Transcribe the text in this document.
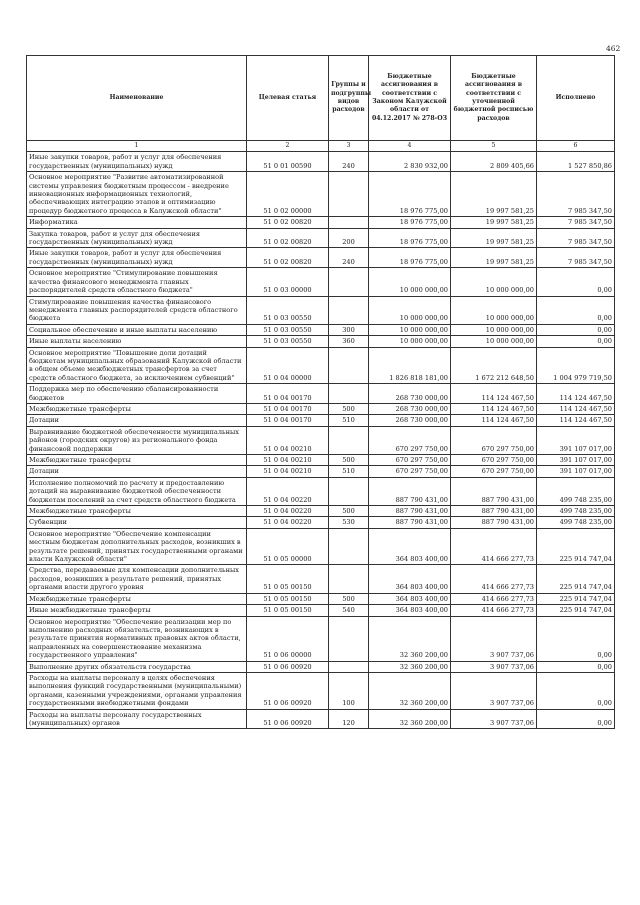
462
Наименование	Целевая статья	Группы и подгруппы видов расходов	Бюджетные ассигнования в соответствии с Законом Калужской области от 04.12.2017 № 278-ОЗ	Бюджетные ассигнования в соответствии с уточненной бюджетной росписью расходов	Исполнено
1	2	3	4	5	6
Иные закупки товаров, работ и услуг для обеспечения государственных (муниципальных) нужд	51 0 01 00590	240	2 830 932,00	2 809 405,66	1 527 850,86
Основное мероприятие "Развитие автоматизированной системы управления бюджетным процессом - внедрение инновационных информационных технологий, обеспечивающих интеграцию этапов и оптимизацию процедур бюджетного процесса в Калужской области"	51 0 02 00000		18 976 775,00	19 997 581,25	7 985 347,50
Информатика	51 0 02 00820		18 976 775,00	19 997 581,25	7 985 347,50
Закупка товаров, работ и услуг для обеспечения государственных (муниципальных) нужд	51 0 02 00820	200	18 976 775,00	19 997 581,25	7 985 347,50
Иные закупки товаров, работ и услуг для обеспечения государственных (муниципальных) нужд	51 0 02 00820	240	18 976 775,00	19 997 581,25	7 985 347,50
Основное мероприятие "Стимулирование повышения качества финансового менеджмента главных распорядителей средств областного бюджета"	51 0 03 00000		10 000 000,00	10 000 000,00	0,00
Стимулирование повышения качества финансового менеджмента главных распорядителей средств областного бюджета	51 0 03 00550		10 000 000,00	10 000 000,00	0,00
Социальное обеспечение и иные выплаты населению	51 0 03 00550	300	10 000 000,00	10 000 000,00	0,00
Иные выплаты населению	51 0 03 00550	360	10 000 000,00	10 000 000,00	0,00
Основное мероприятие "Повышение доли дотаций бюджетам муниципальных образований Калужской области в общем объеме межбюджетных трансфертов за счет средств областного бюджета, за исключением субвенций"	51 0 04 00000		1 826 818 181,00	1 672 212 648,50	1 004 979 719,50
Поддержка мер по обеспечению сбалансированности бюджетов	51 0 04 00170		268 730 000,00	114 124 467,50	114 124 467,50
Межбюджетные трансферты	51 0 04 00170	500	268 730 000,00	114 124 467,50	114 124 467,50
Дотации	51 0 04 00170	510	268 730 000,00	114 124 467,50	114 124 467,50
Выравнивание бюджетной обеспеченности муниципальных районов (городских округов) из регионального фонда финансовой поддержки	51 0 04 00210		670 297 750,00	670 297 750,00	391 107 017,00
Межбюджетные трансферты	51 0 04 00210	500	670 297 750,00	670 297 750,00	391 107 017,00
Дотации	51 0 04 00210	510	670 297 750,00	670 297 750,00	391 107 017,00
Исполнение полномочий по расчету и предоставлению дотаций на выравнивание бюджетной обеспеченности бюджетам поселений за счет средств областного бюджета	51 0 04 00220		887 790 431,00	887 790 431,00	499 748 235,00
Межбюджетные трансферты	51 0 04 00220	500	887 790 431,00	887 790 431,00	499 748 235,00
Субвенции	51 0 04 00220	530	887 790 431,00	887 790 431,00	499 748 235,00
Основное мероприятие "Обеспечение компенсации местным бюджетам дополнительных расходов, возникших в результате решений, принятых государственными органами власти Калужской области"	51 0 05 00000		364 803 400,00	414 666 277,73	225 914 747,04
Средства, передаваемые для компенсации дополнительных расходов, возникших в результате решений, принятых органами власти другого уровня	51 0 05 00150		364 803 400,00	414 666 277,73	225 914 747,04
Межбюджетные трансферты	51 0 05 00150	500	364 803 400,00	414 666 277,73	225 914 747,04
Иные межбюджетные трансферты	51 0 05 00150	540	364 803 400,00	414 666 277,73	225 914 747,04
Основное мероприятие "Обеспечение реализации мер по выполнению расходных обязательств, возникающих в результате принятия нормативных правовых актов области, направленных на совершенствование механизма государственного управления"	51 0 06 00000		32 360 200,00	3 907 737,06	0,00
Выполнение других обязательств государства	51 0 06 00920		32 360 200,00	3 907 737,06	0,00
Расходы на выплаты персоналу в целях обеспечения выполнения функций государственными (муниципальными) органами, казенными учреждениями, органами управления государственными внебюджетными фондами	51 0 06 00920	100	32 360 200,00	3 907 737,06	0,00
Расходы на выплаты персоналу государственных (муниципальных) органов	51 0 06 00920	120	32 360 200,00	3 907 737,06	0,00
